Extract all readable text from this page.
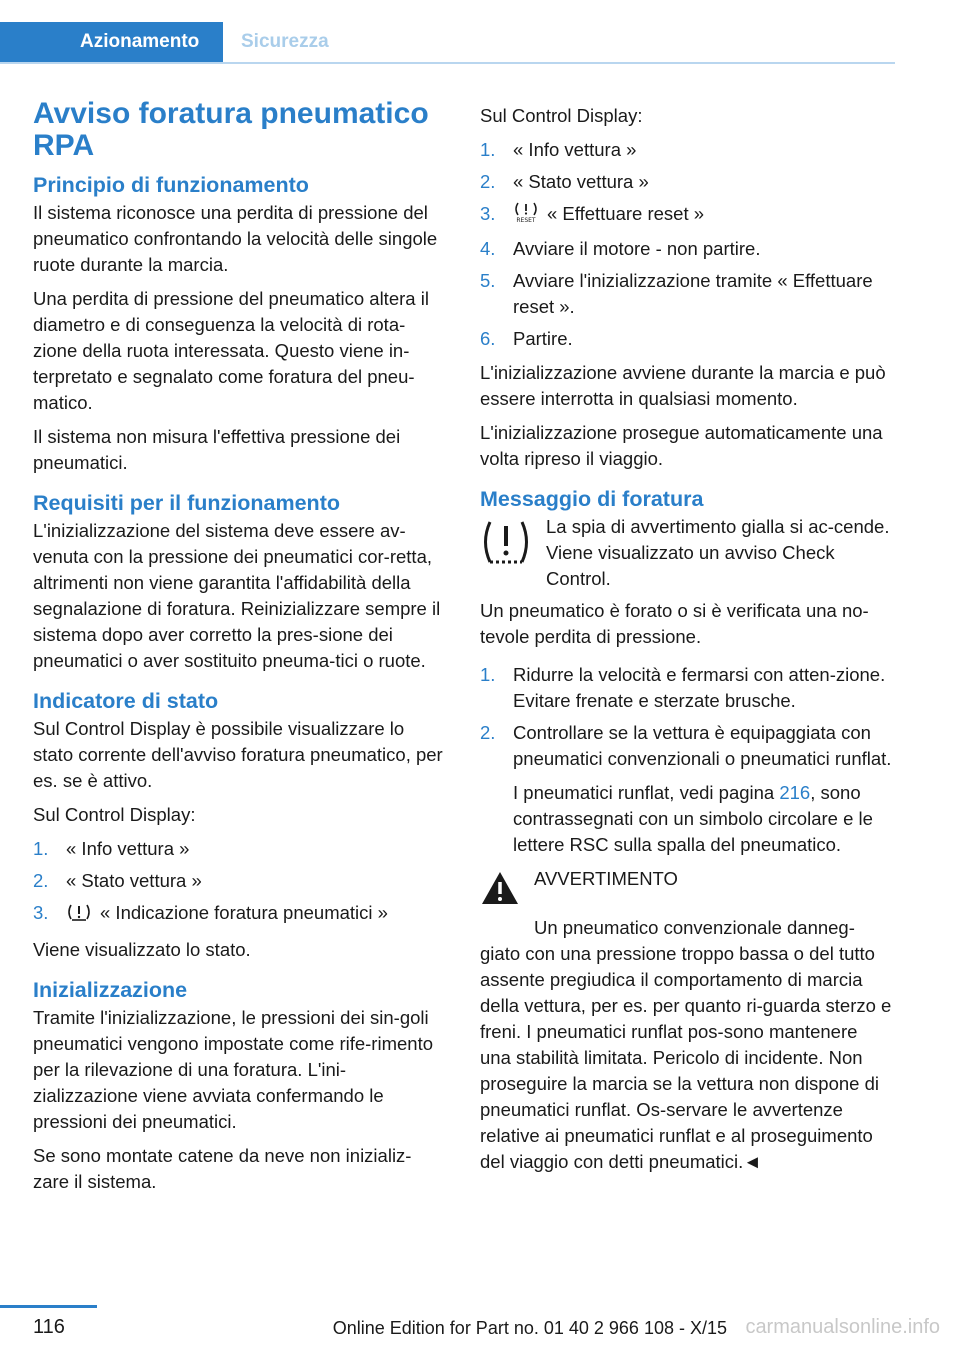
Azionamento Sicurezza
Avviso foratura pneumatico RPA
Principio di funzionamento

Il sistema riconosce una perdita di pressione del pneumatico confrontando la velocità delle singole ruote durante la marcia.

Una perdita di pressione del pneumatico altera il diametro e di conseguenza la velocità di rota-zione della ruota interessata. Questo viene in-terpretato e segnalato come foratura del pneu-matico.

Il sistema non misura l'effettiva pressione dei pneumatici.

Requisiti per il funzionamento

L'inizializzazione del sistema deve essere av-venuta con la pressione dei pneumatici cor-retta, altrimenti non viene garantita l'affidabilità della segnalazione di foratura. Reinizializzare sempre il sistema dopo aver corretto la pres-sione dei pneumatici o aver sostituito pneuma-tici o ruote.

Indicatore di stato

Sul Control Display è possibile visualizzare lo stato corrente dell'avviso foratura pneumatico, per es. se è attivo.

Sul Control Display:

1. « Info vettura »
2. « Stato vettura »
3.	« Indicazione foratura pneumatici »

Viene visualizzato lo stato.

Inizializzazione

Tramite l'inizializzazione, le pressioni dei sin-goli pneumatici vengono impostate come rife-rimento per la rilevazione di una foratura. L'ini-zializzazione viene avviata confermando le pressioni dei pneumatici.

Se sono montate catene da neve non inizializ-zare il sistema.

Sul Control Display:

1. « Info vettura »
2. « Stato vettura »
3.	RESET « Effettuare reset »
4. Avviare il motore - non partire.
5. Avviare l'inizializzazione tramite « Effettuare reset ».
6. Partire.

L'inizializzazione avviene durante la marcia e può essere interrotta in qualsiasi momento.

L'inizializzazione prosegue automaticamente una volta ripreso il viaggio.

Messaggio di foratura

La spia di avvertimento gialla si ac-cende. Viene visualizzato un avviso Check Control.

Un pneumatico è forato o si è verificata una no-tevole perdita di pressione.

1. Ridurre la velocità e fermarsi con atten-zione. Evitare frenate e sterzate brusche.
2. Controllare se la vettura è equipaggiata con pneumatici convenzionali o pneumatici runflat.

I pneumatici runflat, vedi pagina 216, sono contrassegnati con un simbolo circolare e le lettere RSC sulla spalla del pneumatico.

AVVERTIMENTO

Un pneumatico convenzionale danneg-giato con una pressione troppo bassa o del tutto assente pregiudica il comportamento di marcia della vettura, per es. per quanto ri-guarda sterzo e freni. I pneumatici runflat pos-sono mantenere una stabilità limitata. Pericolo di incidente. Non proseguire la marcia se la vettura non dispone di pneumatici runflat. Os-servare le avvertenze relative ai pneumatici runflat e al proseguimento del viaggio con detti pneumatici.◄

116	Online Edition for Part no. 01 40 2 966 108 - X/15 carmanualsonline.info
